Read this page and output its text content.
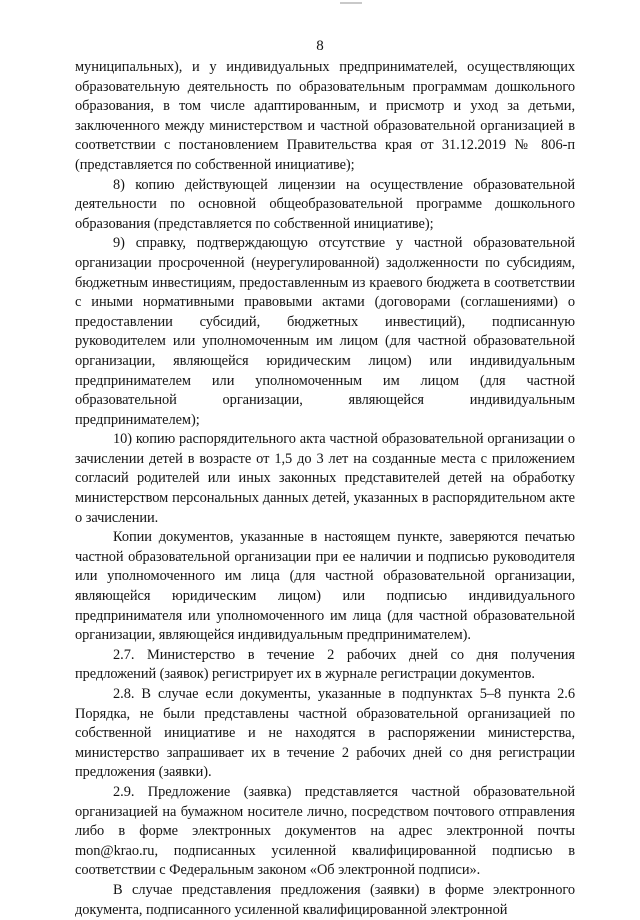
8

муниципальных), и у индивидуальных предпринимателей, осуществляющих образовательную деятельность по образовательным программам дошкольного образования, в том числе адаптированным, и присмотр и уход за детьми, заключенного между министерством и частной образовательной организацией в соответствии с постановлением Правительства края от 31.12.2019 № 806-п (представляется по собственной инициативе);

8) копию действующей лицензии на осуществление образовательной деятельности по основной общеобразовательной программе дошкольного образования (представляется по собственной инициативе);

9) справку, подтверждающую отсутствие у частной образовательной организации просроченной (неурегулированной) задолженности по субсидиям, бюджетным инвестициям, предоставленным из краевого бюджета в соответствии с иными нормативными правовыми актами (договорами (соглашениями) о предоставлении субсидий, бюджетных инвестиций), подписанную руководителем или уполномоченным им лицом (для частной образовательной организации, являющейся юридическим лицом) или индивидуальным предпринимателем или уполномоченным им лицом (для частной образовательной организации, являющейся индивидуальным предпринимателем);

10) копию распорядительного акта частной образовательной организации о зачислении детей в возрасте от 1,5 до 3 лет на созданные места с приложением согласий родителей или иных законных представителей детей на обработку министерством персональных данных детей, указанных в распорядительном акте о зачислении.

Копии документов, указанные в настоящем пункте, заверяются печатью частной образовательной организации при ее наличии и подписью руководителя или уполномоченного им лица (для частной образовательной организации, являющейся юридическим лицом) или подписью индивидуального предпринимателя или уполномоченного им лица (для частной образовательной организации, являющейся индивидуальным предпринимателем).

2.7. Министерство в течение 2 рабочих дней со дня получения предложений (заявок) регистрирует их в журнале регистрации документов.

2.8. В случае если документы, указанные в подпунктах 5–8 пункта 2.6 Порядка, не были представлены частной образовательной организацией по собственной инициативе и не находятся в распоряжении министерства, министерство запрашивает их в течение 2 рабочих дней со дня регистрации предложения (заявки).

2.9. Предложение (заявка) представляется частной образовательной организацией на бумажном носителе лично, посредством почтового отправления либо в форме электронных документов на адрес электронной почты mon@krao.ru, подписанных усиленной квалифицированной подписью в соответствии с Федеральным законом «Об электронной подписи».

В случае представления предложения (заявки) в форме электронного документа, подписанного усиленной квалифицированной электронной
